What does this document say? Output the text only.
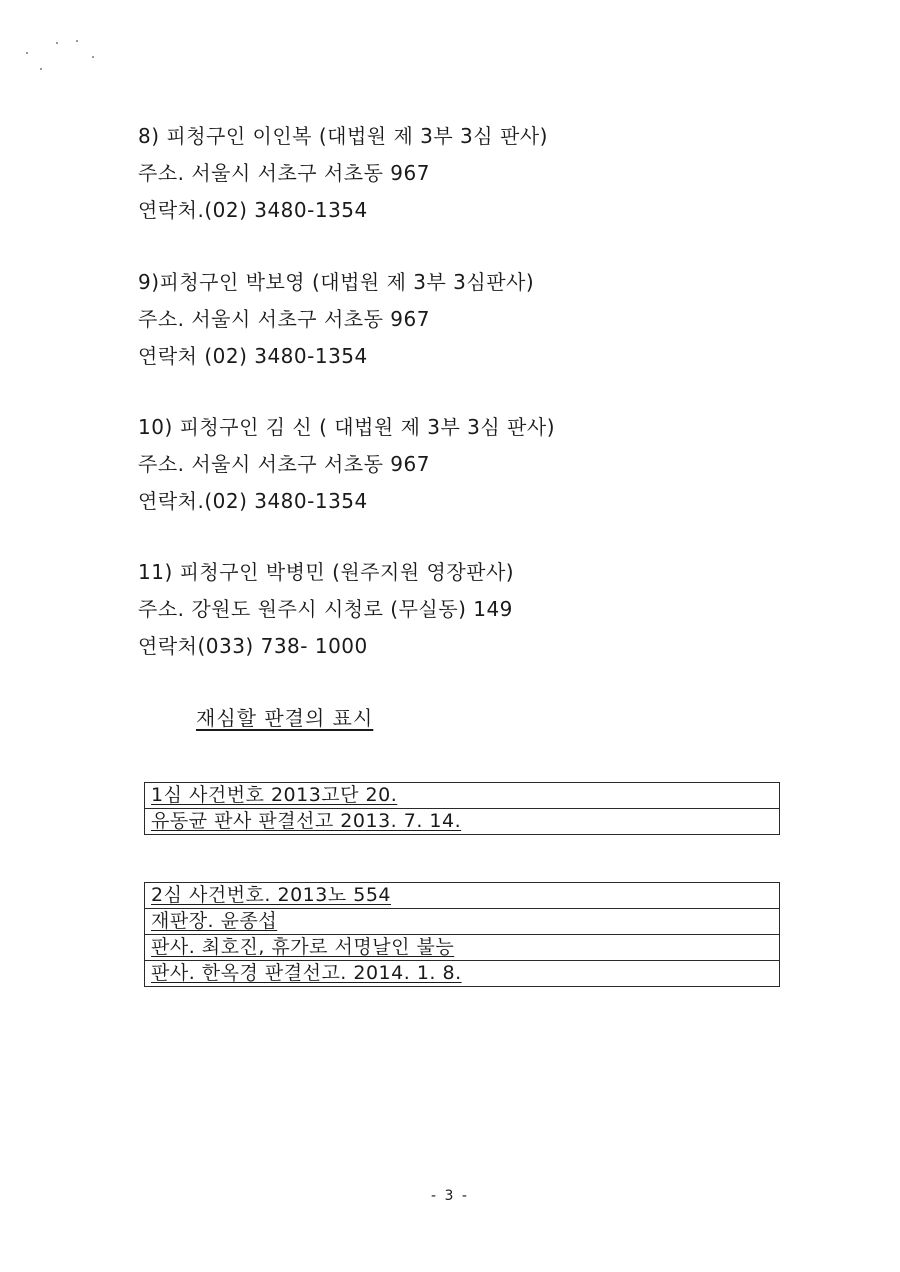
8) 피청구인 이인복 (대법원 제 3부 3심 판사)
주소. 서울시 서초구 서초동 967
연락처.(02) 3480-1354
9)피청구인 박보영 (대법원 제 3부 3심판사)
주소. 서울시 서초구 서초동 967
연락처 (02) 3480-1354
10) 피청구인 김 신 ( 대법원 제 3부 3심 판사)
주소. 서울시 서초구 서초동 967
연락처.(02) 3480-1354
11) 피청구인 박병민 (원주지원 영장판사)
주소. 강원도 원주시 시청로 (무실동) 149
연락처(033) 738- 1000
재심할 판결의 표시
1심 사건번호 2013고단 20.
유동균 판사 판결선고 2013. 7. 14.
2심 사건번호. 2013노 554
재판장. 윤종섭
판사. 최호진, 휴가로 서명날인 불능
판사. 한옥경 판결선고. 2014. 1. 8.
- 3 -
